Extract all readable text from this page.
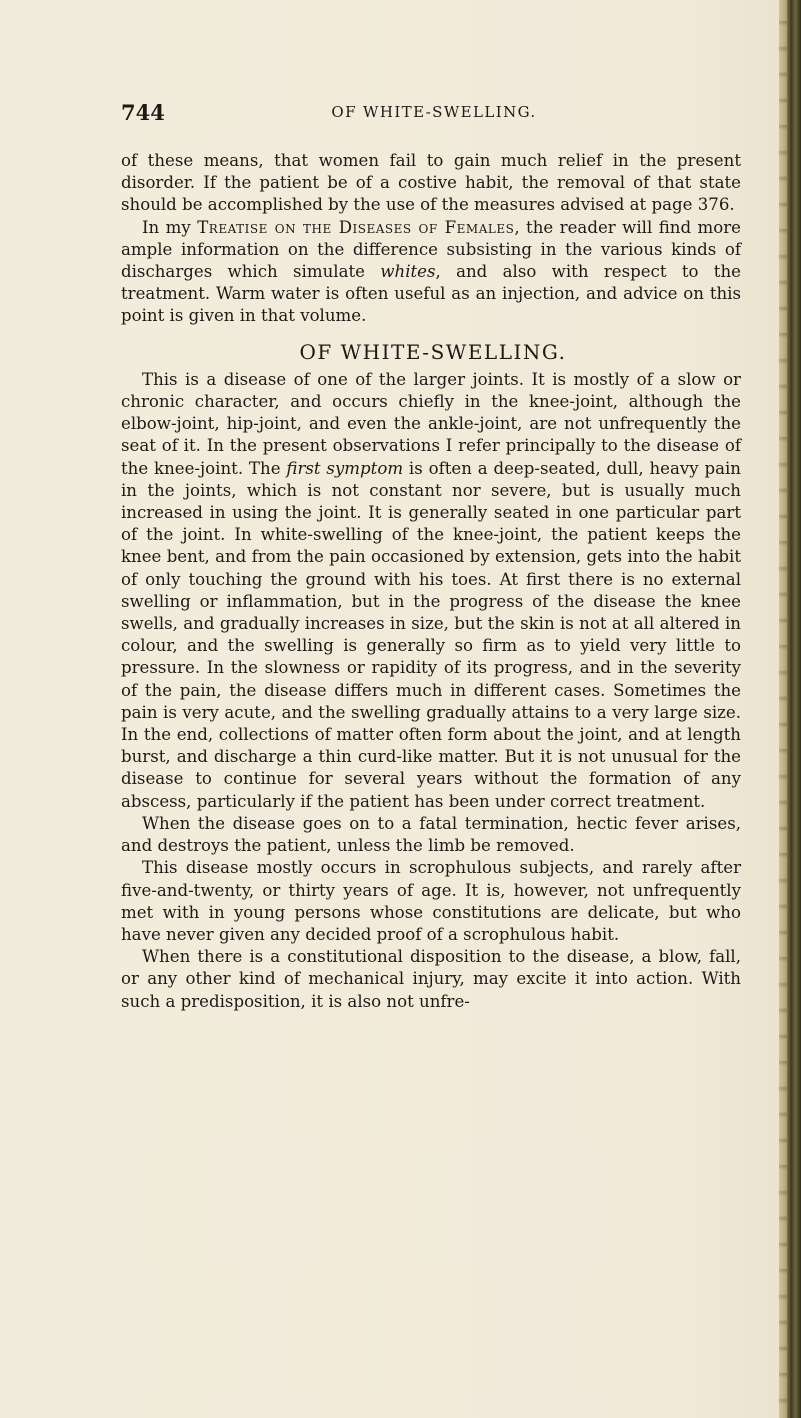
744	OF WHITE-SWELLING.

of these means, that women fail to gain much relief in the present disorder. If the patient be of a costive habit, the removal of that state should be accomplished by the use of the measures advised at page 376.

In my Treatise on the Diseases of Females, the reader will find more ample information on the difference subsisting in the various kinds of discharges which simulate whites, and also with respect to the treatment. Warm water is often useful as an injection, and advice on this point is given in that volume.

OF WHITE-SWELLING.

This is a disease of one of the larger joints. It is mostly of a slow or chronic character, and occurs chiefly in the knee-joint, although the elbow-joint, hip-joint, and even the ankle-joint, are not unfrequently the seat of it. In the present observations I refer principally to the disease of the knee-joint. The first symptom is often a deep-seated, dull, heavy pain in the joints, which is not constant nor severe, but is usually much increased in using the joint. It is generally seated in one particular part of the joint. In white-swelling of the knee-joint, the patient keeps the knee bent, and from the pain occasioned by extension, gets into the habit of only touching the ground with his toes. At first there is no external swelling or inflammation, but in the progress of the disease the knee swells, and gradually increases in size, but the skin is not at all altered in colour, and the swelling is generally so firm as to yield very little to pressure. In the slowness or rapidity of its progress, and in the severity of the pain, the disease differs much in different cases. Sometimes the pain is very acute, and the swelling gradually attains to a very large size. In the end, collections of matter often form about the joint, and at length burst, and discharge a thin curd-like matter. But it is not unusual for the disease to continue for several years without the formation of any abscess, particularly if the patient has been under correct treatment.

When the disease goes on to a fatal termination, hectic fever arises, and destroys the patient, unless the limb be removed.

This disease mostly occurs in scrophulous subjects, and rarely after five-and-twenty, or thirty years of age. It is, however, not unfrequently met with in young persons whose constitutions are delicate, but who have never given any decided proof of a scrophulous habit.

When there is a constitutional disposition to the disease, a blow, fall, or any other kind of mechanical injury, may excite it into action. With such a predisposition, it is also not unfre-
